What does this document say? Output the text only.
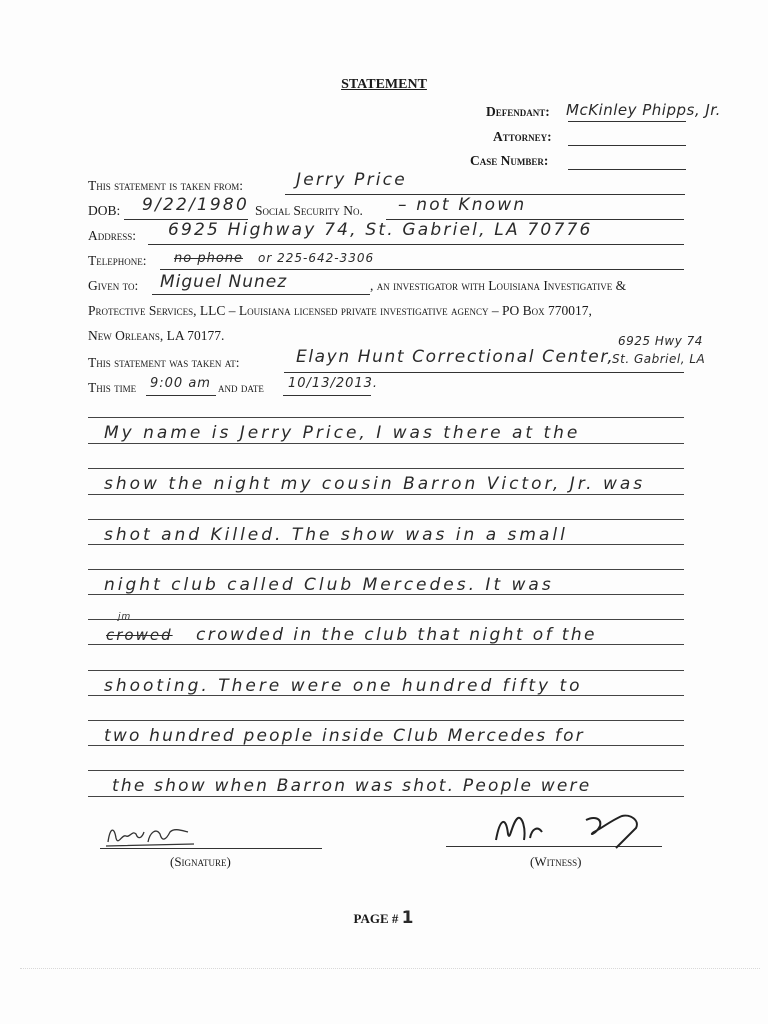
STATEMENT
Defendant: McKinley Phipps, Jr.
Attorney:
Case Number:
This statement is taken from:	Jerry Price
DOB: 9/22/1980 Social Security No. – not Known
Address: 6925 Highway 74, St. Gabriel, LA 70776
Telephone: no phone or 225-642-3306
Given to: Miguel Nunez	, an investigator with Louisiana Investigative &
Protective Services, LLC – Louisiana licensed private investigative agency – PO Box 770017,
New Orleans, LA 70177.
This statement was taken at:	Elayn Hunt Correctional Center,
6925 Hwy 74
St. Gabriel, LA
This time 9:00 am and date 10/13/2013.
My name is Jerry Price, I was there at the
show the night my cousin Barron Victor, Jr. was
shot and Killed. The show was in a small
night club called Club Mercedes. It was
crowed
jm
crowded in the club that night of the
shooting. There were one hundred fifty to
two hundred people inside Club Mercedes for
the show when Barron was shot. People were
(Signature)	(Witness)
PAGE # 1
